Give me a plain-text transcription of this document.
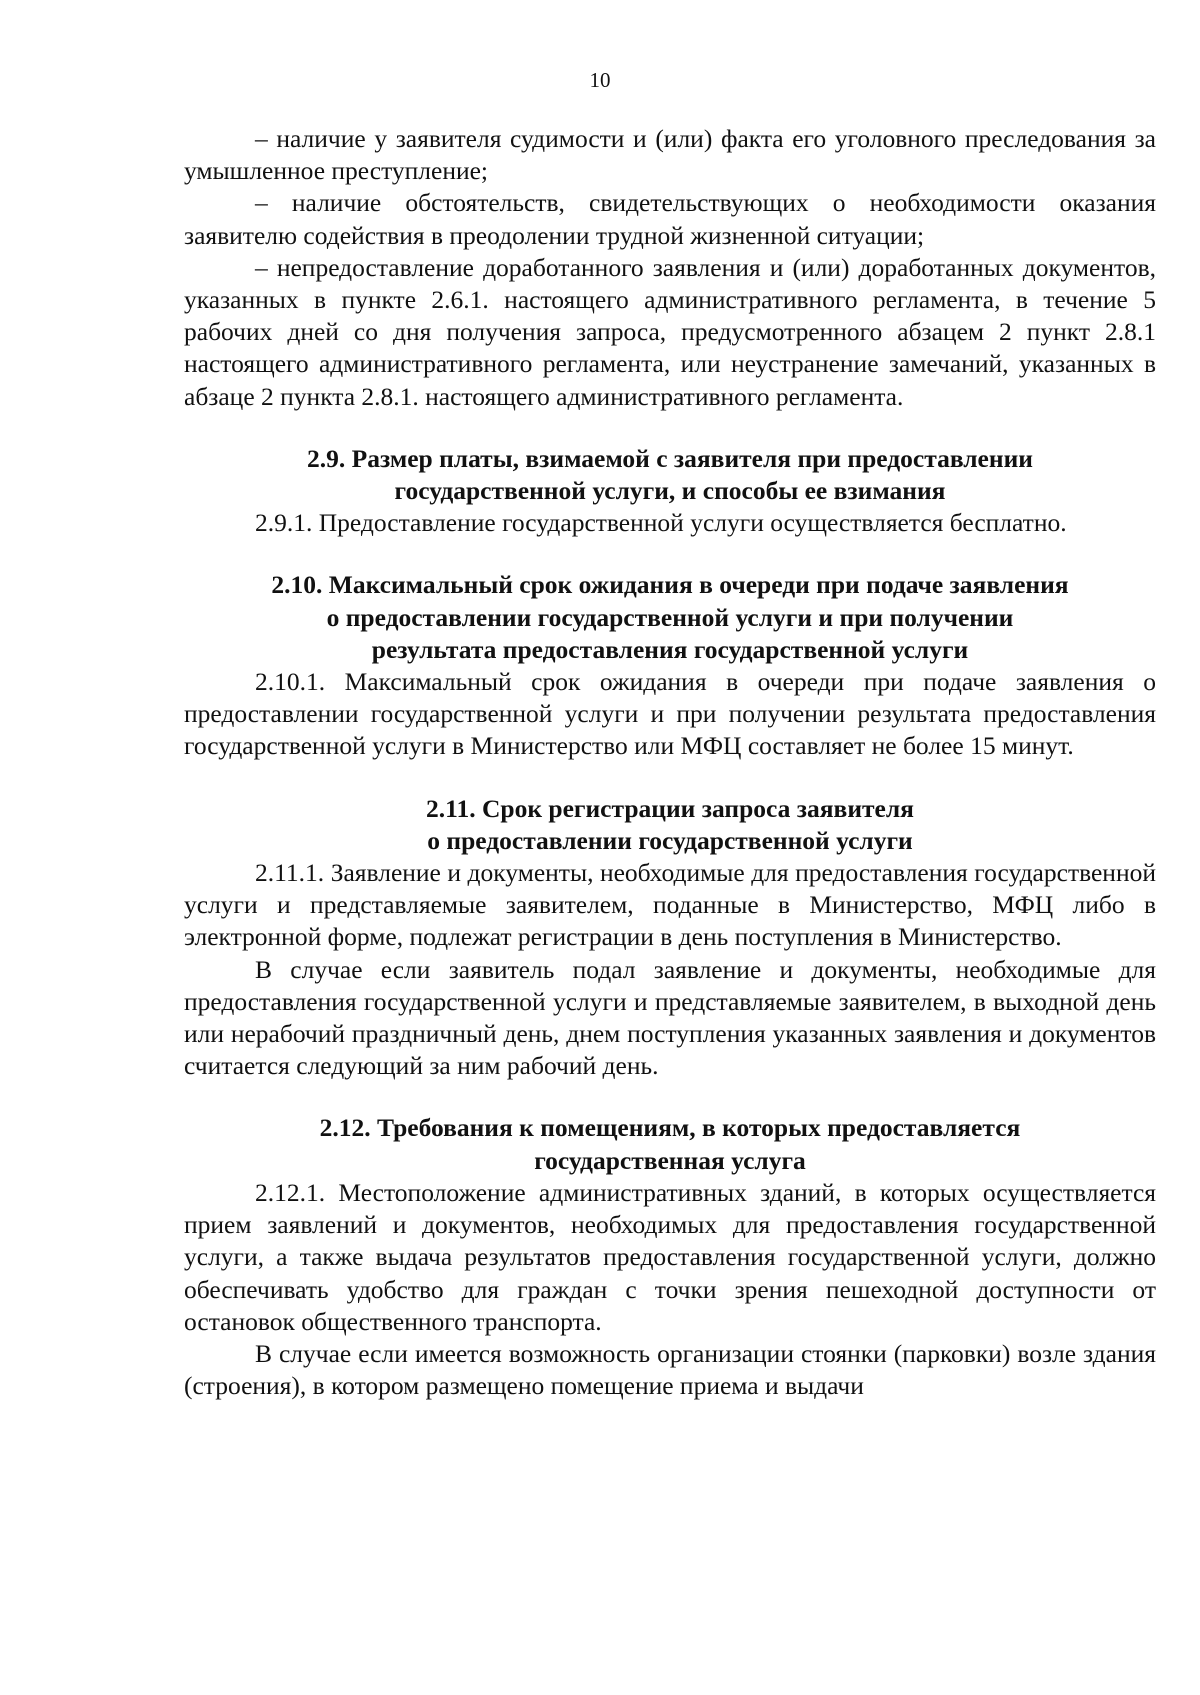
10

– наличие у заявителя судимости и (или) факта его уголовного преследования за умышленное преступление;

– наличие обстоятельств, свидетельствующих о необходимости оказания заявителю содействия в преодолении трудной жизненной ситуации;

– непредоставление доработанного заявления и (или) доработанных документов, указанных в пункте 2.6.1. настоящего административного регламента, в течение 5 рабочих дней со дня получения запроса, предусмотренного абзацем 2 пункт 2.8.1 настоящего административного регламента, или неустранение замечаний, указанных в абзаце 2 пункта 2.8.1. настоящего административного регламента.

2.9. Размер платы, взимаемой с заявителя при предоставлении
государственной услуги, и способы ее взимания

2.9.1. Предоставление государственной услуги осуществляется бесплатно.

2.10. Максимальный срок ожидания в очереди при подаче заявления
о предоставлении государственной услуги и при получении
результата предоставления государственной услуги

2.10.1. Максимальный срок ожидания в очереди при подаче заявления о предоставлении государственной услуги и при получении результата предоставления государственной услуги в Министерство или МФЦ составляет не более 15 минут.

2.11. Срок регистрации запроса заявителя
о предоставлении государственной услуги

2.11.1. Заявление и документы, необходимые для предоставления государственной услуги и представляемые заявителем, поданные в Министерство, МФЦ либо в электронной форме, подлежат регистрации в день поступления в Министерство.

В случае если заявитель подал заявление и документы, необходимые для предоставления государственной услуги и представляемые заявителем, в выходной день или нерабочий праздничный день, днем поступления указанных заявления и документов считается следующий за ним рабочий день.

2.12. Требования к помещениям, в которых предоставляется
государственная услуга

2.12.1. Местоположение административных зданий, в которых осуществляется прием заявлений и документов, необходимых для предоставления государственной услуги, а также выдача результатов предоставления государственной услуги, должно обеспечивать удобство для граждан с точки зрения пешеходной доступности от остановок общественного транспорта.

В случае если имеется возможность организации стоянки (парковки) возле здания (строения), в котором размещено помещение приема и выдачи
